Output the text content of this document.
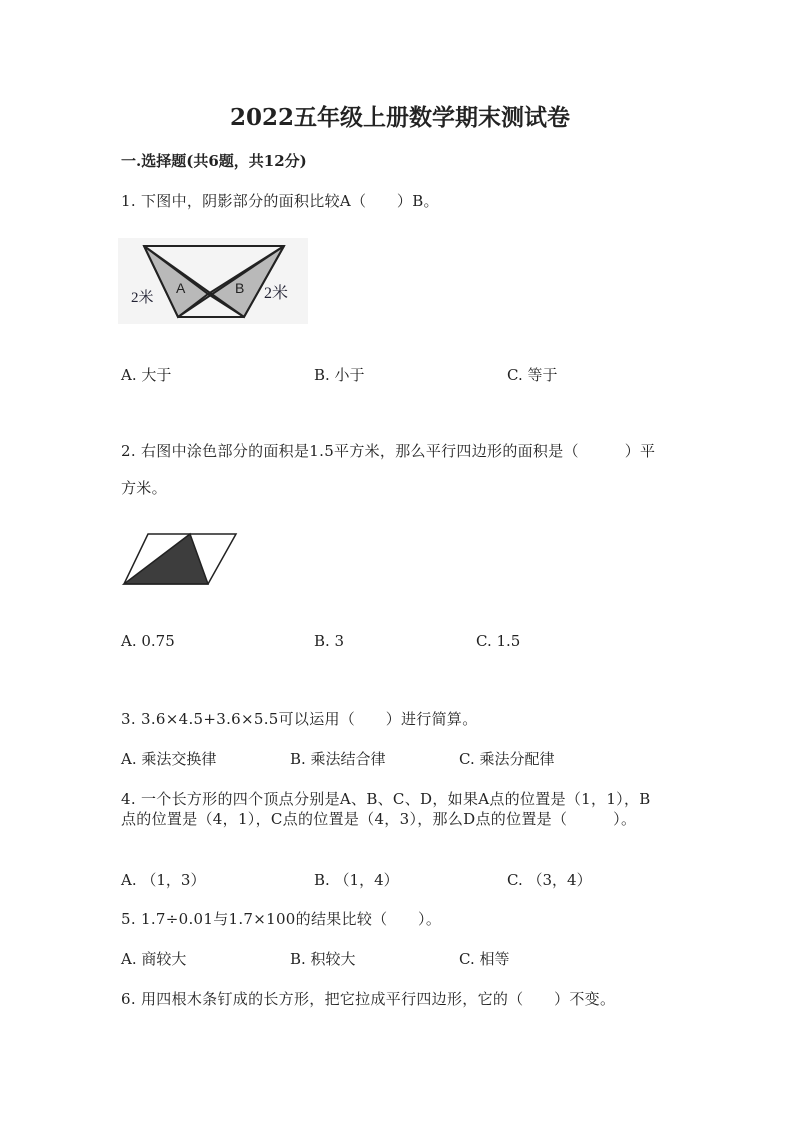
2022五年级上册数学期末测试卷
一.选择题(共6题，共12分)
1. 下图中，阴影部分的面积比较A（　　）B。
2米
A	B 2米
A. 大于	B. 小于	C. 等于
2. 右图中涂色部分的面积是1.5平方米，那么平行四边形的面积是（　　　）平
方米。
A. 0.75	B. 3	C. 1.5
3. 3.6×4.5+3.6×5.5可以运用（　　）进行简算。
A. 乘法交换律	B. 乘法结合律	C. 乘法分配律
4. 一个长方形的四个顶点分别是A、B、C、D，如果A点的位置是（1，1），B
点的位置是（4，1），C点的位置是（4，3），那么D点的位置是（　　　）。
A. （1，3）	B. （1，4）	C. （3，4）
5. 1.7÷0.01与1.7×100的结果比较（　　）。
A. 商较大	B. 积较大	C. 相等
6. 用四根木条钉成的长方形，把它拉成平行四边形，它的（　　）不变。
